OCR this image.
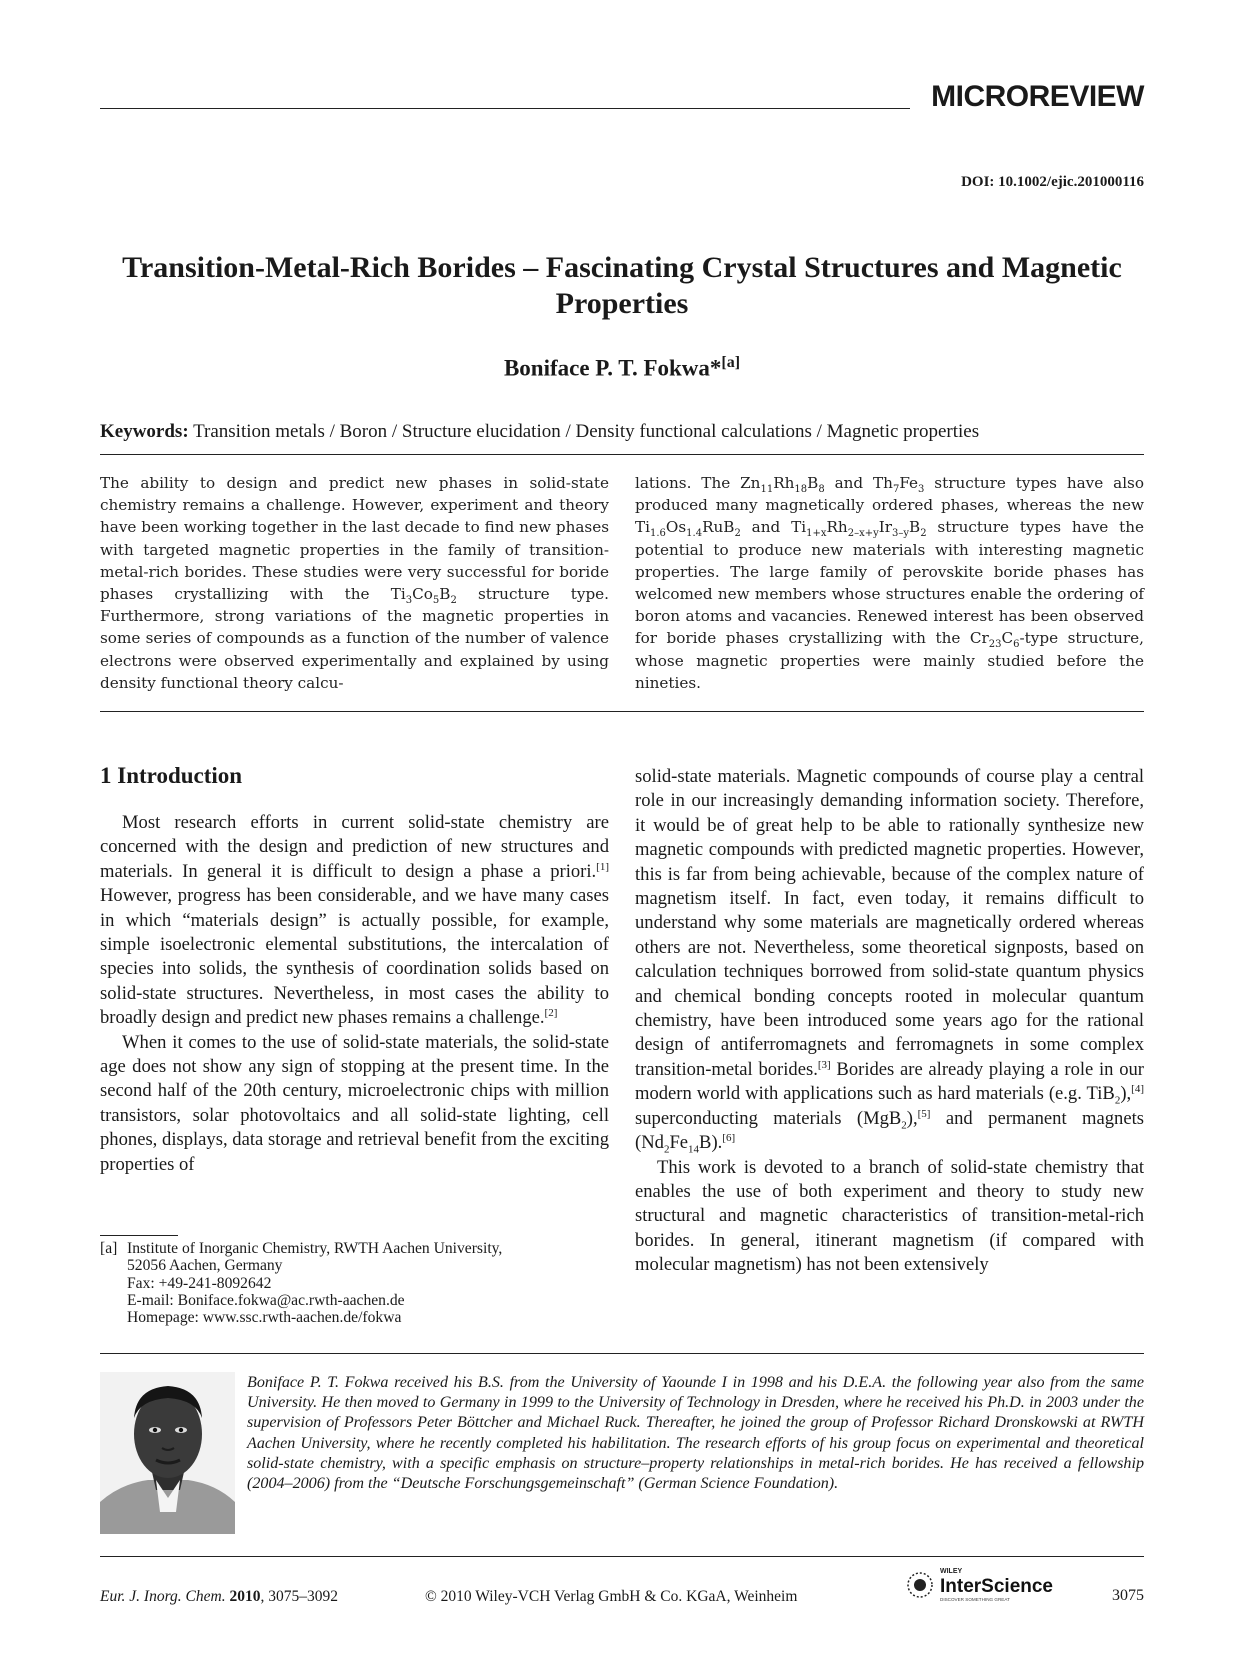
MICROREVIEW
DOI: 10.1002/ejic.201000116
Transition-Metal-Rich Borides – Fascinating Crystal Structures and Magnetic
Properties
Boniface P. T. Fokwa*[a]
Keywords: Transition metals / Boron / Structure elucidation / Density functional calculations / Magnetic properties
The ability to design and predict new phases in solid-state chemistry remains a challenge. However, experiment and theory have been working together in the last decade to find new phases with targeted magnetic properties in the family of transition-metal-rich borides. These studies were very successful for boride phases crystallizing with the $Ti_3Co_5B_2$ structure type. Furthermore, strong variations of the magnetic properties in some series of compounds as a function of the number of valence electrons were observed experimentally and explained by using density functional theory calcu-
lations. The $Zn_{11}Rh_{18}B_8$ and $Th_7Fe_3$ structure types have also produced many magnetically ordered phases, whereas the new $Ti_{1.6}Os_{1.4}RuB_2$ and $Ti_{1+x}Rh_{2-x+y}Ir_{3-y}B_2$ structure types have the potential to produce new materials with interesting magnetic properties. The large family of perovskite boride phases has welcomed new members whose structures enable the ordering of boron atoms and vacancies. Renewed interest has been observed for boride phases crystallizing with the $Cr_{23}C_6$-type structure, whose magnetic properties were mainly studied before the nineties.
1 Introduction

Most research efforts in current solid-state chemistry are concerned with the design and prediction of new structures and materials. In general it is difficult to design a phase a priori.[1] However, progress has been considerable, and we have many cases in which “materials design” is actually possible, for example, simple isoelectronic elemental substitutions, the intercalation of species into solids, the synthesis of coordination solids based on solid-state structures. Nevertheless, in most cases the ability to broadly design and predict new phases remains a challenge.[2]

When it comes to the use of solid-state materials, the solid-state age does not show any sign of stopping at the present time. In the second half of the 20th century, microelectronic chips with million transistors, solar photovoltaics and all solid-state lighting, cell phones, displays, data storage and retrieval benefit from the exciting properties of

[a] Institute of Inorganic Chemistry, RWTH Aachen University,
52056 Aachen, Germany
Fax: +49-241-8092642
E-mail: Boniface.fokwa@ac.rwth-aachen.de
Homepage: www.ssc.rwth-aachen.de/fokwa

solid-state materials. Magnetic compounds of course play a central role in our increasingly demanding information society. Therefore, it would be of great help to be able to rationally synthesize new magnetic compounds with predicted magnetic properties. However, this is far from being achievable, because of the complex nature of magnetism itself. In fact, even today, it remains difficult to understand why some materials are magnetically ordered whereas others are not. Nevertheless, some theoretical signposts, based on calculation techniques borrowed from solid-state quantum physics and chemical bonding concepts rooted in molecular quantum chemistry, have been introduced some years ago for the rational design of antiferromagnets and ferromagnets in some complex transition-metal borides.[3] Borides are already playing a role in our modern world with applications such as hard materials (e.g. TiB$_2$),[4] superconducting materials (MgB$_2$),[5] and permanent magnets $(Nd_2Fe_{14}B).[6]$

This work is devoted to a branch of solid-state chemistry that enables the use of both experiment and theory to study new structural and magnetic characteristics of transition-metal-rich borides. In general, itinerant magnetism (if compared with molecular magnetism) has not been extensively

Boniface P. T. Fokwa received his B.S. from the University of Yaounde I in 1998 and his D.E.A. the following year also from the same University. He then moved to Germany in 1999 to the University of Technology in Dresden, where he received his Ph.D. in 2003 under the supervision of Professors Peter Böttcher and Michael Ruck. Thereafter, he joined the group of Professor Richard Dronskowski at RWTH Aachen University, where he recently completed his habilitation. The research efforts of his group focus on experimental and theoretical solid-state chemistry, with a specific emphasis on structure–property relationships in metal-rich borides. He has received a fellowship (2004–2006) from the “Deutsche Forschungsgemeinschaft” (German Science Foundation).
Eur. J. Inorg. Chem. 2010, 3075–3092	© 2010 Wiley-VCH Verlag GmbH & Co. KGaA, Weinheim
WILEY
InterScience
DISCOVER SOMETHING GREAT	3075
